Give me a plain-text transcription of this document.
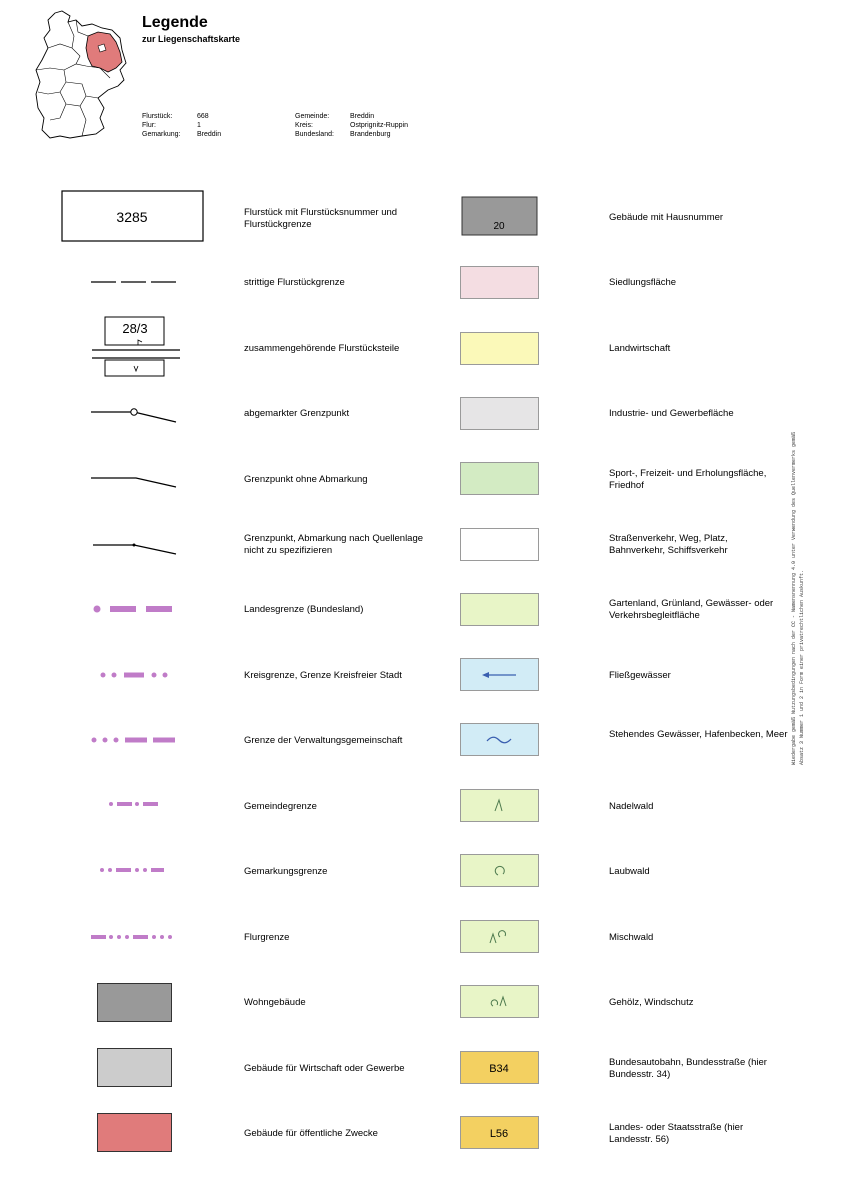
Legende
zur Liegenschaftskarte
Flurstück:	668
Flur:	1
Gemarkung: Breddin
Gemeinde:	Breddin
Kreis:	Ostprignitz-Ruppin
Bundesland: Brandenburg
3285	Flurstück mit Flurstücksnummer und Flurstückgrenze
strittige Flurstückgrenze
28/3
zusammengehörende Flurstücksteile
abgemarkter Grenzpunkt
Grenzpunkt ohne Abmarkung
Grenzpunkt, Abmarkung nach Quellenlage nicht zu spezifizieren
Landesgrenze (Bundesland)
Kreisgrenze, Grenze Kreisfreier Stadt
Grenze der Verwaltungsgemeinschaft
Gemeindegrenze
Gemarkungsgrenze
Flurgrenze
Wohngebäude
Gebäude für Wirtschaft oder Gewerbe
Gebäude für öffentliche Zwecke
20
Gebäude mit Hausnummer
Siedlungsfläche
Landwirtschaft
Industrie- und Gewerbefläche
Sport-, Freizeit- und Erholungsfläche, Friedhof
Straßenverkehr, Weg, Platz, Bahnverkehr, Schiffsverkehr
Gartenland, Grünland, Gewässer- oder Verkehrsbegleitfläche
Fließgewässer
Stehendes Gewässer, Hafenbecken, Meer
Nadelwald
Laubwald
Mischwald
Gehölz, Windschutz
B34
Bundesautobahn, Bundesstraße (hier Bundesstr. 34)
L56
Landes- oder Staatsstraße (hier Landesstr. 56)
Wiedergabe gemäß Nutzungsbedingungen nach der CC - Namensnennung 4.0 unter Verwendung des Quellenvermerks gemäß Absatz 3 Nummer 1 und 2 in Form einer privatrechtlichen Auskunft.
